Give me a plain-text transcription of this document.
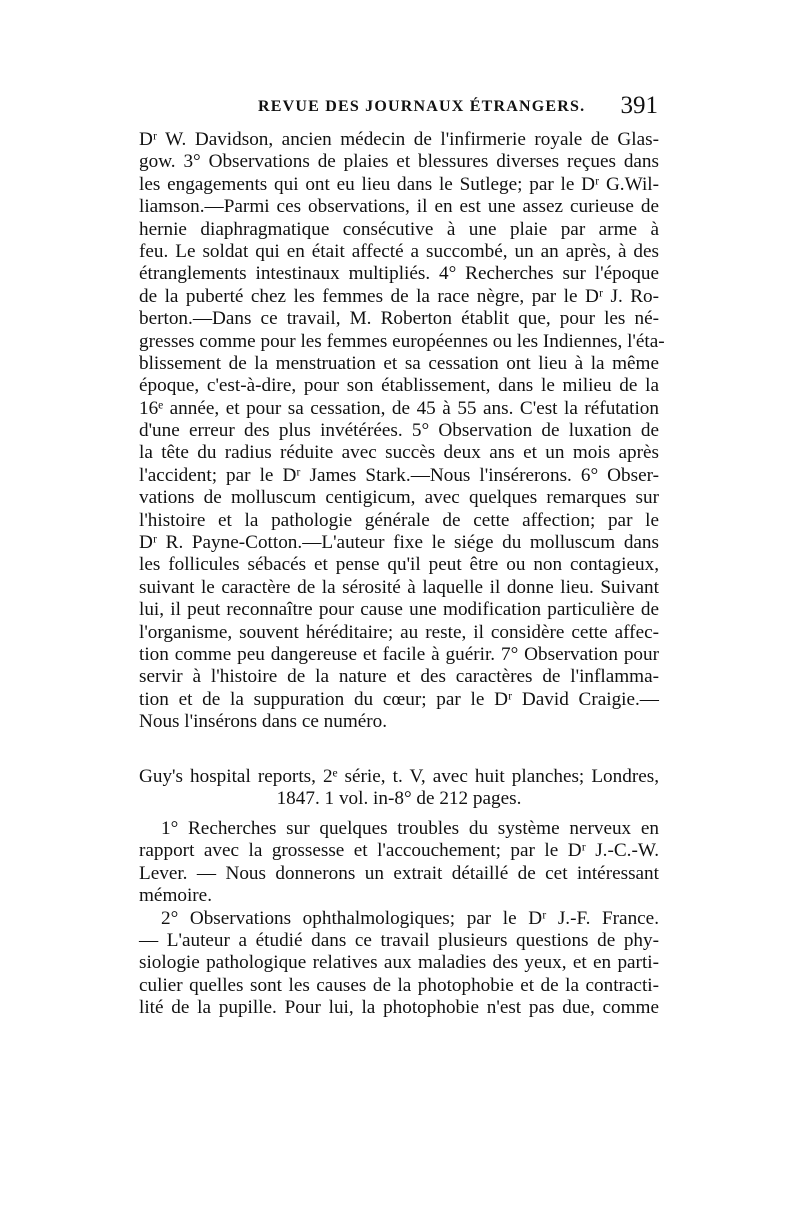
REVUE DES JOURNAUX ÉTRANGERS. 391
Dʳ W. Davidson, ancien médecin de l'infirmerie royale de Glas-
gow. 3° Observations de plaies et blessures diverses reçues dans
les engagements qui ont eu lieu dans le Sutlege; par le Dʳ G.Wil-
liamson.—Parmi ces observations, il en est une assez curieuse de
hernie diaphragmatique consécutive à une plaie par arme à
feu. Le soldat qui en était affecté a succombé, un an après, à des
étranglements intestinaux multipliés. 4° Recherches sur l'époque
de la puberté chez les femmes de la race nègre, par le Dʳ J. Ro-
berton.—Dans ce travail, M. Roberton établit que, pour les né-
gresses comme pour les femmes européennes ou les Indiennes, l'éta-
blissement de la menstruation et sa cessation ont lieu à la même
époque, c'est-à-dire, pour son établissement, dans le milieu de la
16ᵉ année, et pour sa cessation, de 45 à 55 ans. C'est la réfutation
d'une erreur des plus invétérées. 5° Observation de luxation de
la tête du radius réduite avec succès deux ans et un mois après
l'accident; par le Dʳ James Stark.—Nous l'insérerons. 6° Obser-
vations de molluscum centigicum, avec quelques remarques sur
l'histoire et la pathologie générale de cette affection; par le
Dʳ R. Payne-Cotton.—L'auteur fixe le siége du molluscum dans
les follicules sébacés et pense qu'il peut être ou non contagieux,
suivant le caractère de la sérosité à laquelle il donne lieu. Suivant
lui, il peut reconnaître pour cause une modification particulière de
l'organisme, souvent héréditaire; au reste, il considère cette affec-
tion comme peu dangereuse et facile à guérir. 7° Observation pour
servir à l'histoire de la nature et des caractères de l'inflamma-
tion et de la suppuration du cœur; par le Dʳ David Craigie.—
Nous l'insérons dans ce numéro.
Guy's hospital reports, 2ᵉ série, t. V, avec huit planches; Londres,
1847. 1 vol. in-8° de 212 pages.
1° Recherches sur quelques troubles du système nerveux en
rapport avec la grossesse et l'accouchement; par le Dʳ J.-C.-W.
Lever. — Nous donnerons un extrait détaillé de cet intéressant
mémoire.
2° Observations ophthalmologiques; par le Dʳ J.-F. France.
— L'auteur a étudié dans ce travail plusieurs questions de phy-
siologie pathologique relatives aux maladies des yeux, et en parti-
culier quelles sont les causes de la photophobie et de la contracti-
lité de la pupille. Pour lui, la photophobie n'est pas due, comme
